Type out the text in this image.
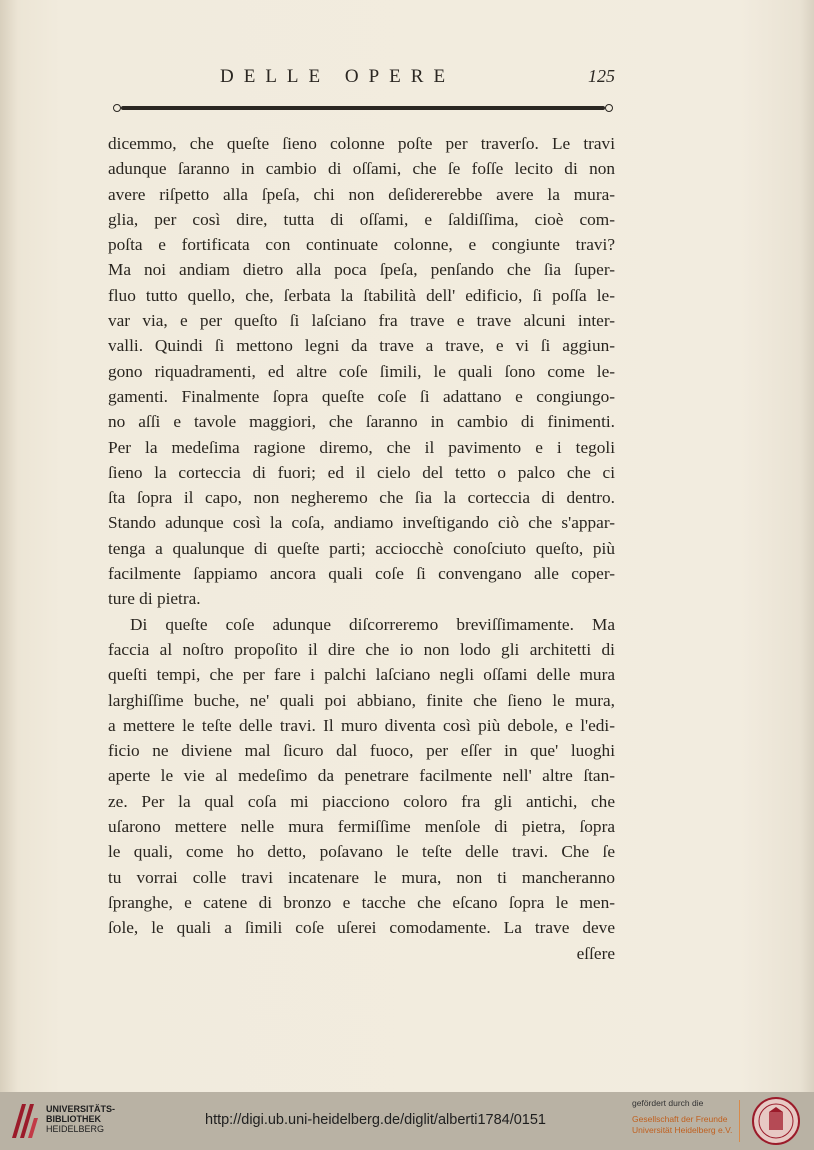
DELLE OPERE	125
dicemmo, che queſte ſieno colonne poſte per traverſo. Le travi
adunque ſaranno in cambio di oſſami, che ſe foſſe lecito di non
avere riſpetto alla ſpeſa, chi non deſidererebbe avere la mura-
glia, per così dire, tutta di oſſami, e ſaldiſſima, cioè com-
poſta e fortificata con continuate colonne, e congiunte travi?
Ma noi andiam dietro alla poca ſpeſa, penſando che ſia ſuper-
fluo tutto quello, che, ſerbata la ſtabilità dell' edificio, ſi poſſa le-
var via, e per queſto ſi laſciano fra trave e trave alcuni inter-
valli. Quindi ſi mettono legni da trave a trave, e vi ſi aggiun-
gono riquadramenti, ed altre coſe ſimili, le quali ſono come le-
gamenti. Finalmente ſopra queſte coſe ſi adattano e congiungo-
no aſſi e tavole maggiori, che ſaranno in cambio di finimenti.
Per la medeſima ragione diremo, che il pavimento e i tegoli
ſieno la corteccia di fuori; ed il cielo del tetto o palco che ci
ſta ſopra il capo, non negheremo che ſia la corteccia di dentro.
Stando adunque così la coſa, andiamo inveſtigando ciò che s'appar-
tenga a qualunque di queſte parti; acciocchè conoſciuto queſto, più
facilmente ſappiamo ancora quali coſe ſi convengano alle coper-
ture di pietra.
Di queſte coſe adunque diſcorreremo breviſſimamente. Ma
faccia al noſtro propoſito il dire che io non lodo gli architetti di
queſti tempi, che per fare i palchi laſciano negli oſſami delle mura
larghiſſime buche, ne' quali poi abbiano, finite che ſieno le mura,
a mettere le teſte delle travi. Il muro diventa così più debole, e l'edi-
ficio ne diviene mal ſicuro dal fuoco, per eſſer in que' luoghi
aperte le vie al medeſimo da penetrare facilmente nell' altre ſtan-
ze. Per la qual coſa mi piacciono coloro fra gli antichi, che
uſarono mettere nelle mura fermiſſime menſole di pietra, ſopra
le quali, come ho detto, poſavano le teſte delle travi. Che ſe
tu vorrai colle travi incatenare le mura, non ti mancheranno
ſpranghe, e catene di bronzo e tacche che eſcano ſopra le men-
ſole, le quali a ſimili coſe uſerei comodamente. La trave deve
eſſere
UNIVERSITÄTS-
BIBLIOTHEK
HEIDELBERG
http://digi.ub.uni-heidelberg.de/diglit/alberti1784/0151
gefördert durch die
Gesellschaft der Freunde
Universität Heidelberg e.V.
